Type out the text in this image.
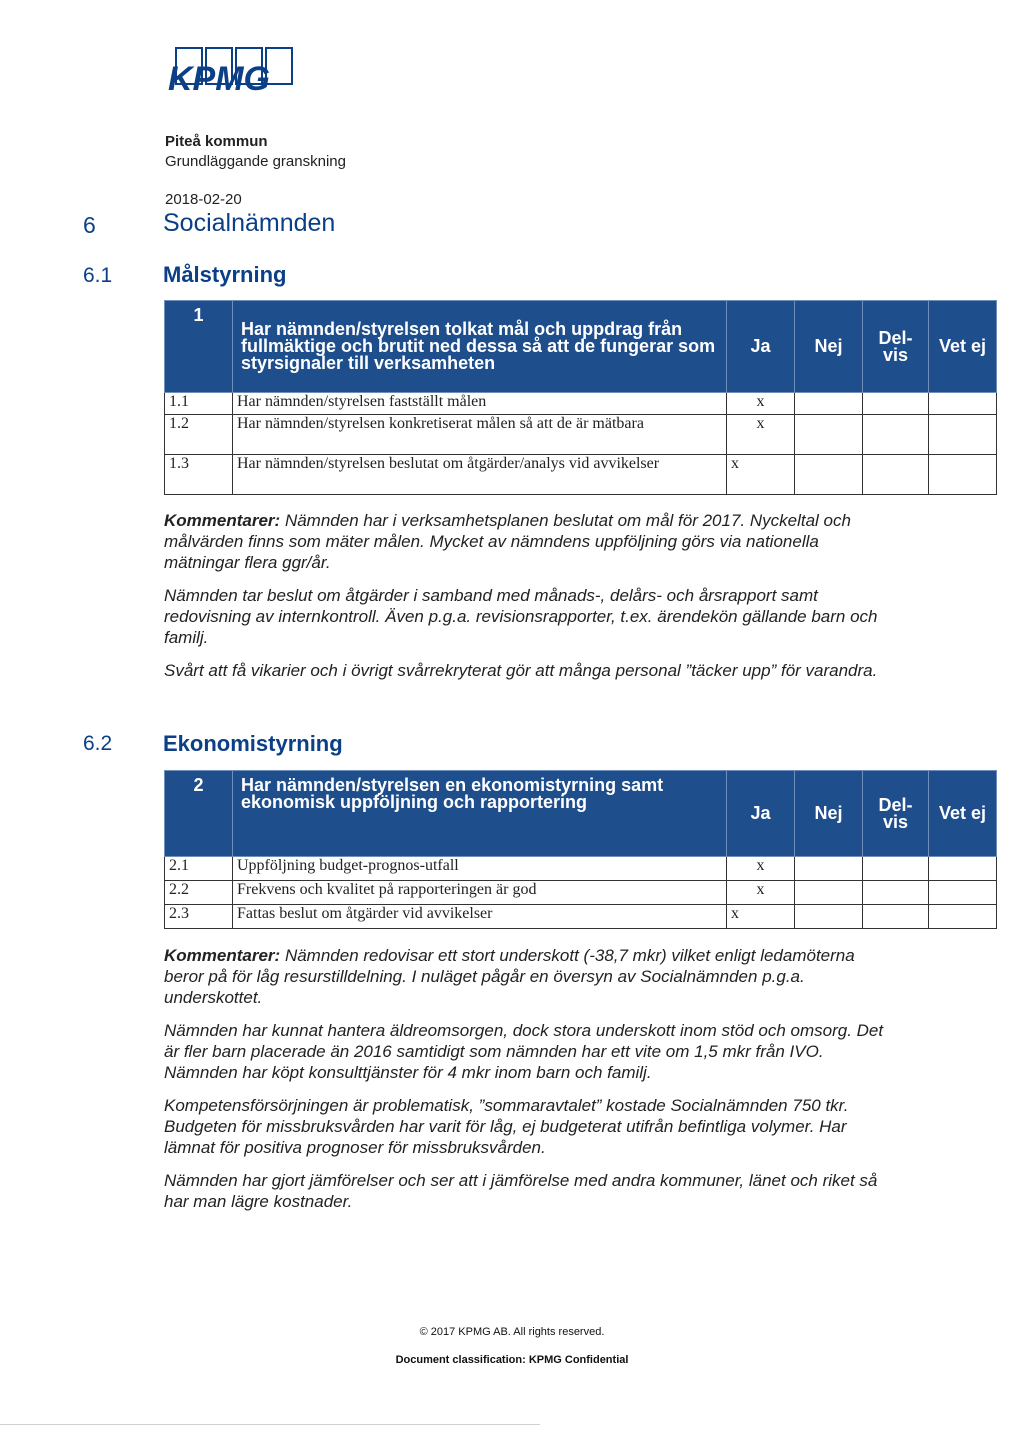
KPMG
Piteå kommun
Grundläggande granskning
2018-02-20
6	Socialnämnden
6.1 Målstyrning
1	Har nämnden/styrelsen tolkat mål och uppdrag från fullmäktige och brutit ned dessa så att de fungerar som styrsignaler till verksamheten	Ja	Nej	Del-vis	Vet ej
1.1	Har nämnden/styrelsen fastställt målen	x			
1.2	Har nämnden/styrelsen konkretiserat målen så att de är mätbara	x			
1.3	Har nämnden/styrelsen beslutat om åtgärder/analys vid avvikelser	x			

Kommentarer: Nämnden har i verksamhetsplanen beslutat om mål för 2017. Nyckeltal och målvärden finns som mäter målen. Mycket av nämndens uppföljning görs via nationella mätningar flera ggr/år.

Nämnden tar beslut om åtgärder i samband med månads-, delårs- och årsrapport samt redovisning av internkontroll. Även p.g.a. revisionsrapporter, t.ex. ärendekön gällande barn och familj.

Svårt att få vikarier och i övrigt svårrekryterat gör att många personal ”täcker upp” för varandra.

6.2 Ekonomistyrning
2	Har nämnden/styrelsen en ekonomistyrning samt ekonomisk uppföljning och rapportering	Ja	Nej	Del-vis	Vet ej
2.1	Uppföljning budget-prognos-utfall	x			
2.2	Frekvens och kvalitet på rapporteringen är god	x			
2.3	Fattas beslut om åtgärder vid avvikelser	x			

Kommentarer: Nämnden redovisar ett stort underskott (-38,7 mkr) vilket enligt ledamöterna beror på för låg resurstilldelning. I nuläget pågår en översyn av Socialnämnden p.g.a. underskottet.

Nämnden har kunnat hantera äldreomsorgen, dock stora underskott inom stöd och omsorg. Det är fler barn placerade än 2016 samtidigt som nämnden har ett vite om 1,5 mkr från IVO. Nämnden har köpt konsulttjänster för 4 mkr inom barn och familj.

Kompetensförsörjningen är problematisk, ”sommaravtalet” kostade Socialnämnden 750 tkr. Budgeten för missbruksvården har varit för låg, ej budgeterat utifrån befintliga volymer. Har lämnat för positiva prognoser för missbruksvården.

Nämnden har gjort jämförelser och ser att i jämförelse med andra kommuner, länet och riket så har man lägre kostnader.

© 2017 KPMG AB. All rights reserved.
Document classification: KPMG Confidential
